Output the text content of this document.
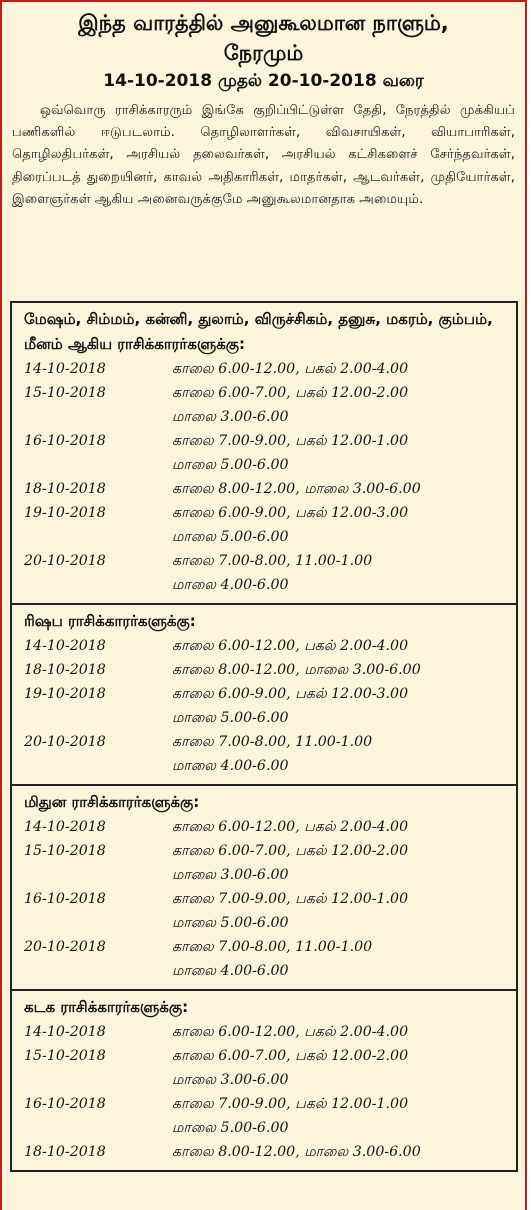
இந்த வாரத்தில் அனுகூலமான நாளும்,
நேரமும்
14-10-2018 முதல் 20-10-2018 வரை

ஒவ்வொரு ராசிக்காரரும் இங்கே குறிப்பிட்டுள்ள தேதி, நேரத்தில் முக்கியப் பணிகளில் ஈடுபடலாம். தொழிலாளர்கள், விவசாயிகள், வியாபாரிகள், தொழிலதிபர்கள், அரசியல் தலைவர்கள், அரசியல் கட்சிகளைச் சேர்ந்தவர்கள், திரைப்படத் துறையினர், காவல் அதிகாரிகள், மாதர்கள், ஆடவர்கள், முதியோர்கள், இளைஞர்கள் ஆகிய அனைவருக்குமே அனுகூலமானதாக அமையும்.

மேஷம், சிம்மம், கன்னி, துலாம், விருச்சிகம், தனுசு, மகரம், கும்பம், மீனம் ஆகிய ராசிக்காரர்களுக்கு:
14-10-2018	காலை 6.00-12.00, பகல் 2.00-4.00
15-10-2018	காலை 6.00-7.00, பகல் 12.00-2.00
மாலை 3.00-6.00
16-10-2018	காலை 7.00-9.00, பகல் 12.00-1.00
மாலை 5.00-6.00
18-10-2018	காலை 8.00-12.00, மாலை 3.00-6.00
19-10-2018	காலை 6.00-9.00, பகல் 12.00-3.00
மாலை 5.00-6.00
20-10-2018	காலை 7.00-8.00, 11.00-1.00
மாலை 4.00-6.00
ரிஷப ராசிக்காரர்களுக்கு:
14-10-2018	காலை 6.00-12.00, பகல் 2.00-4.00
18-10-2018	காலை 8.00-12.00, மாலை 3.00-6.00
19-10-2018	காலை 6.00-9.00, பகல் 12.00-3.00
மாலை 5.00-6.00
20-10-2018	காலை 7.00-8.00, 11.00-1.00
மாலை 4.00-6.00
மிதுன ராசிக்காரர்களுக்கு:
14-10-2018	காலை 6.00-12.00, பகல் 2.00-4.00
15-10-2018	காலை 6.00-7.00, பகல் 12.00-2.00
மாலை 3.00-6.00
16-10-2018	காலை 7.00-9.00, பகல் 12.00-1.00
மாலை 5.00-6.00
20-10-2018	காலை 7.00-8.00, 11.00-1.00
மாலை 4.00-6.00
கடக ராசிக்காரர்களுக்கு:
14-10-2018	காலை 6.00-12.00, பகல் 2.00-4.00
15-10-2018	காலை 6.00-7.00, பகல் 12.00-2.00
மாலை 3.00-6.00
16-10-2018	காலை 7.00-9.00, பகல் 12.00-1.00
மாலை 5.00-6.00
18-10-2018	காலை 8.00-12.00, மாலை 3.00-6.00
